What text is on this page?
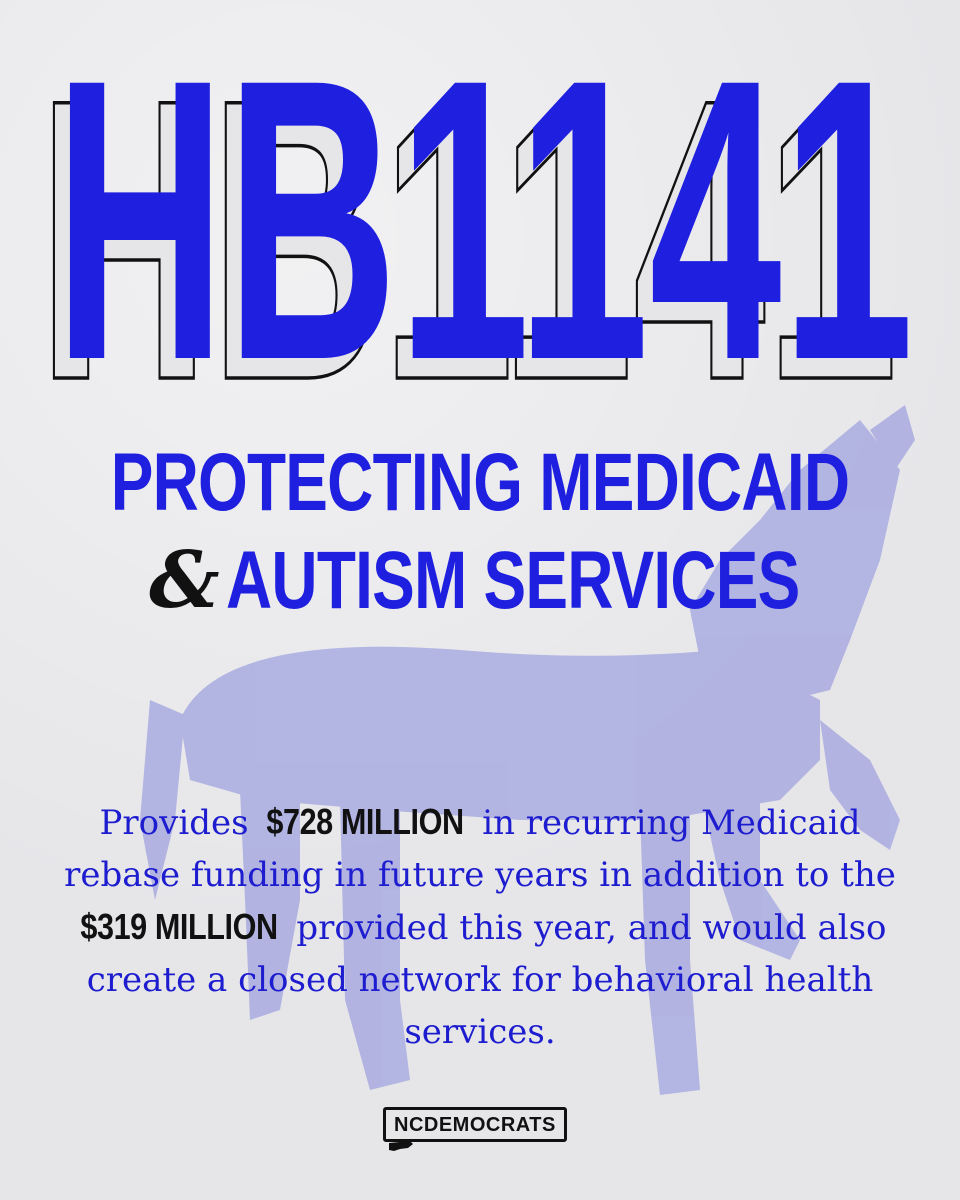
HB1141
HB1141
PROTECTING MEDICAID
& AUTISM SERVICES
Provides $728 MILLION in recurring Medicaid rebase funding in future years in addition to the $319 MILLION provided this year, and would also create a closed network for behavioral health services.
NCDEMOCRATS
